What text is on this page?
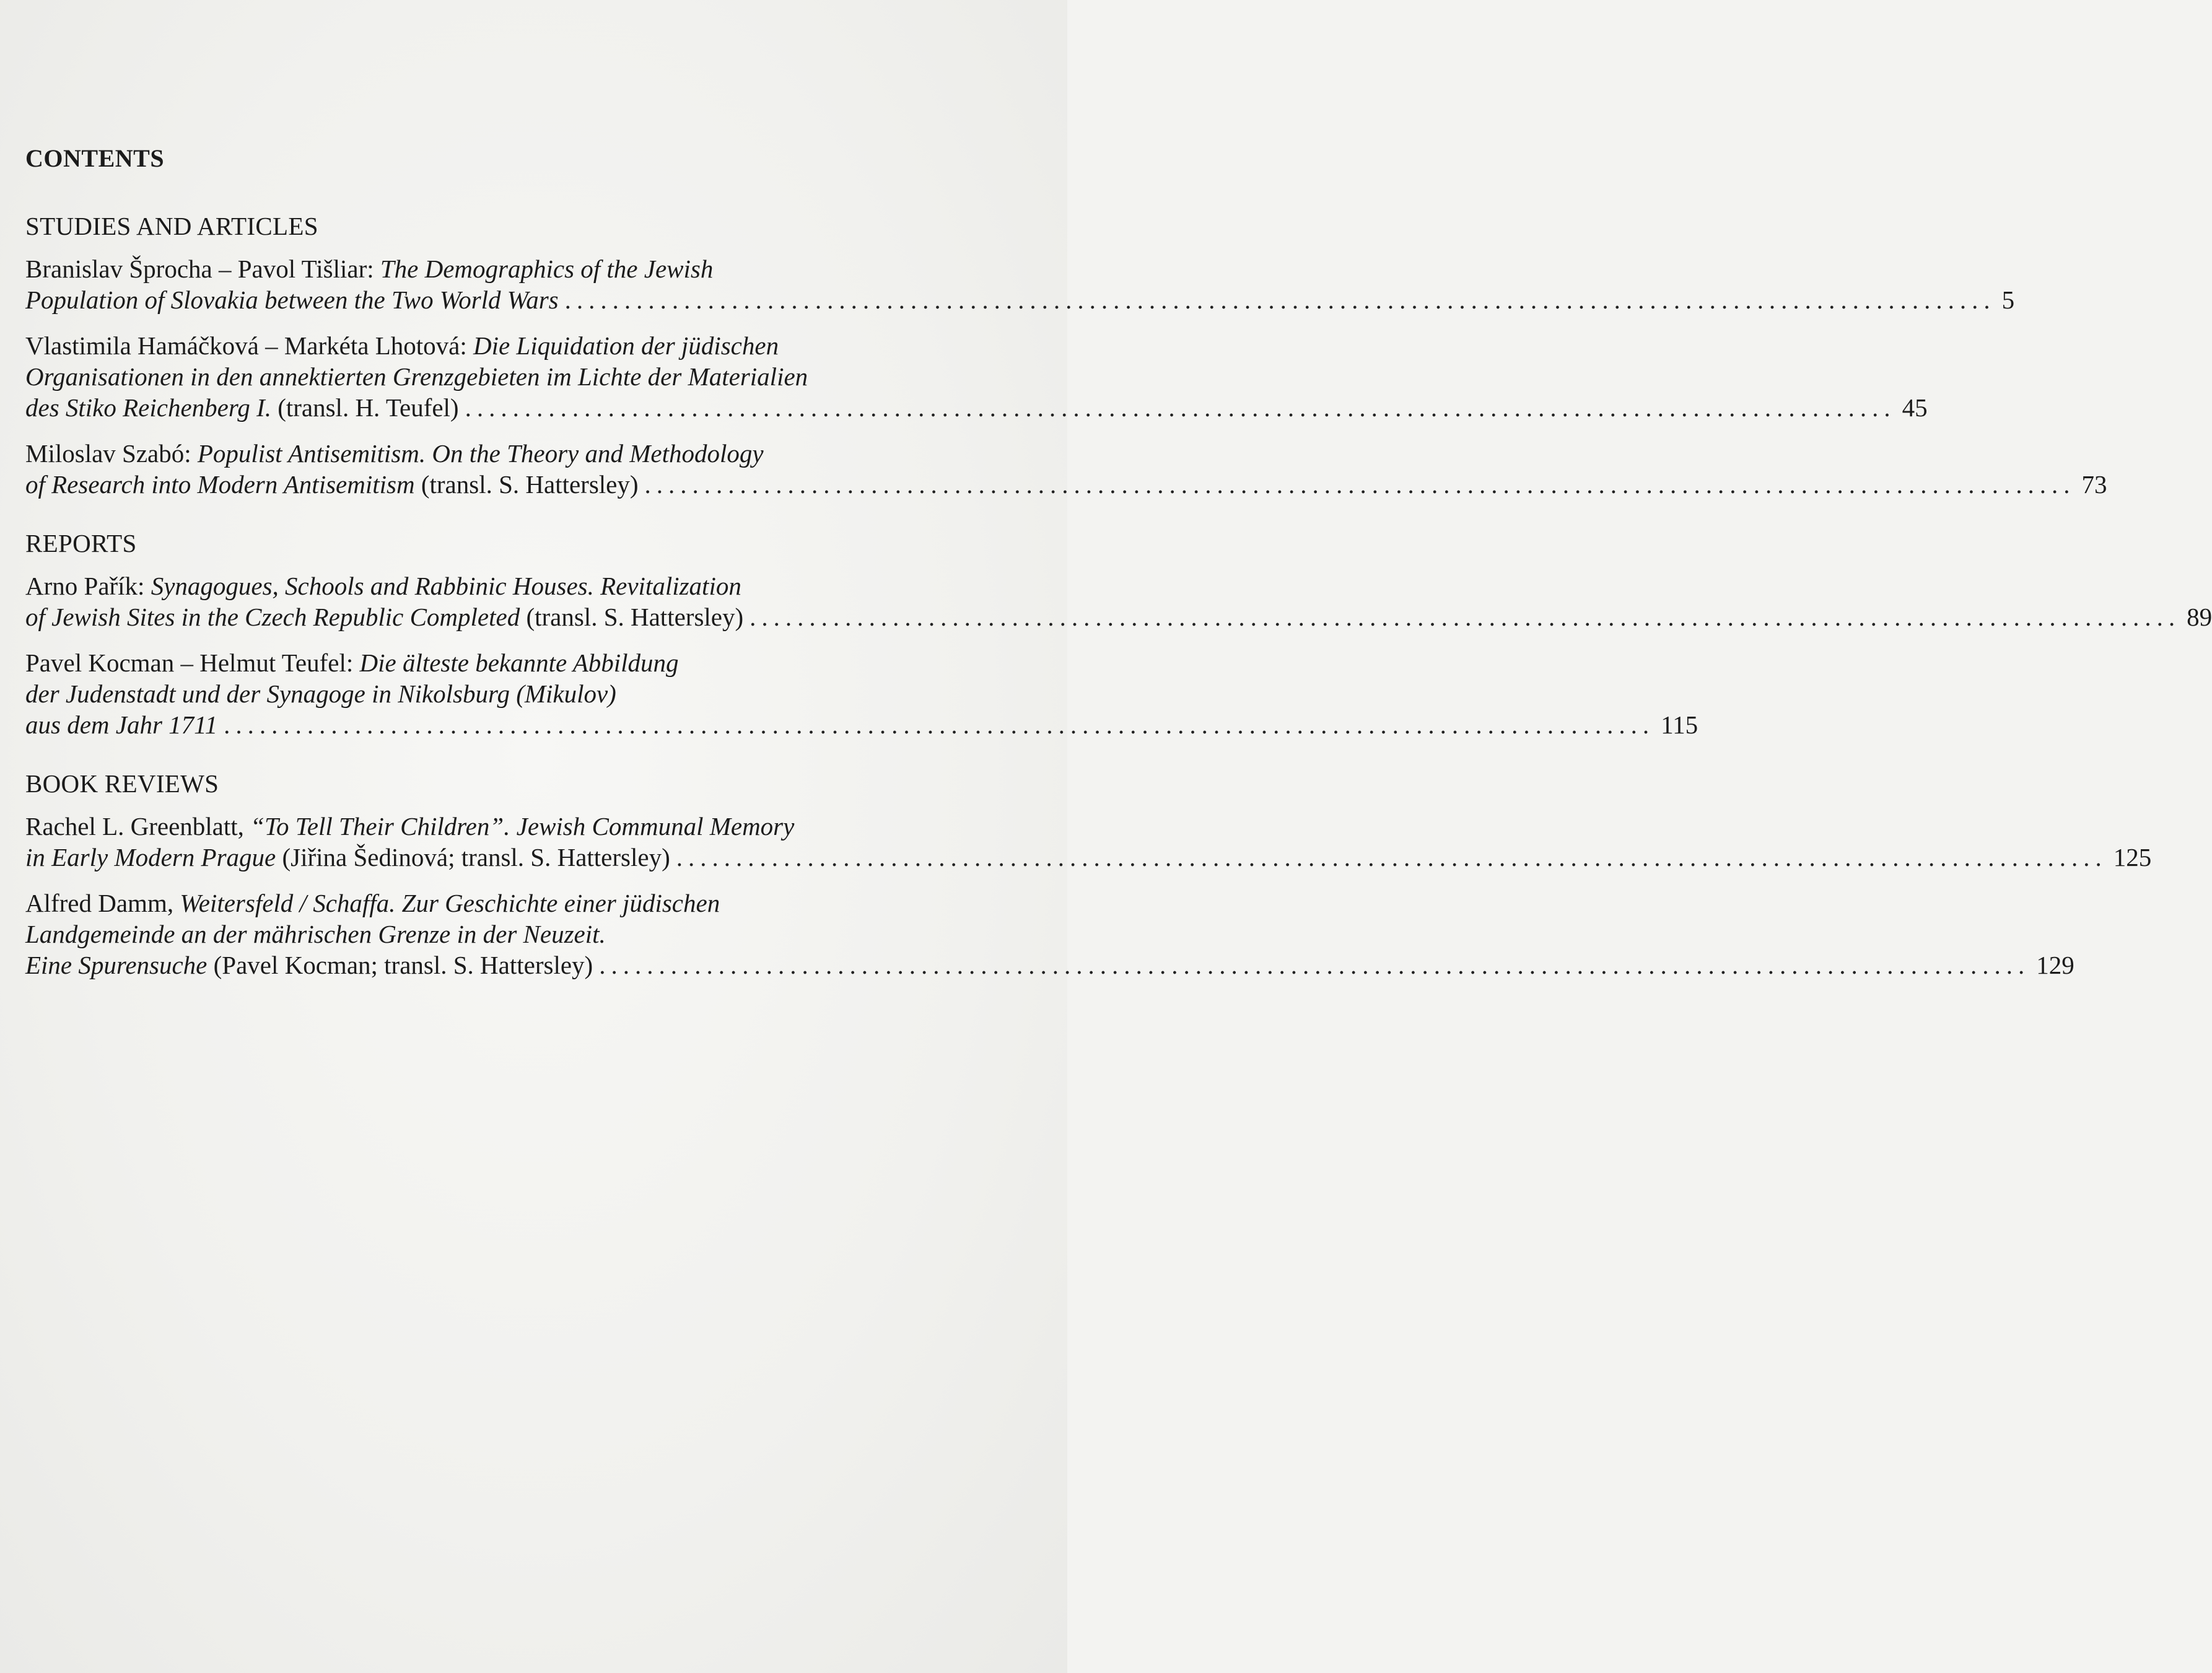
CONTENTS
STUDIES AND ARTICLES
Branislav Šprocha – Pavol Tišliar: The Demographics of the Jewish
Population of Slovakia between the Two World Wars ........................................................................................................................ 5
Vlastimila Hamáčková – Markéta Lhotová: Die Liquidation der jüdischen
Organisationen in den annektierten Grenzgebieten im Lichte der Materialien
des Stiko Reichenberg I. (transl. H. Teufel) ........................................................................................................................ 45
Miloslav Szabó: Populist Antisemitism. On the Theory and Methodology
of Research into Modern Antisemitism (transl. S. Hattersley) ........................................................................................................................ 73
REPORTS
Arno Pařík: Synagogues, Schools and Rabbinic Houses. Revitalization
of Jewish Sites in the Czech Republic Completed (transl. S. Hattersley) ........................................................................................................................ 89
Pavel Kocman – Helmut Teufel: Die älteste bekannte Abbildung
der Judenstadt und der Synagoge in Nikolsburg (Mikulov)
aus dem Jahr 1711 ........................................................................................................................ 115
BOOK REVIEWS
Rachel L. Greenblatt, “To Tell Their Children”. Jewish Communal Memory
in Early Modern Prague (Jiřina Šedinová; transl. S. Hattersley) ........................................................................................................................ 125
Alfred Damm, Weitersfeld / Schaffa. Zur Geschichte einer jüdischen
Landgemeinde an der mährischen Grenze in der Neuzeit.
Eine Spurensuche (Pavel Kocman; transl. S. Hattersley) ........................................................................................................................ 129
